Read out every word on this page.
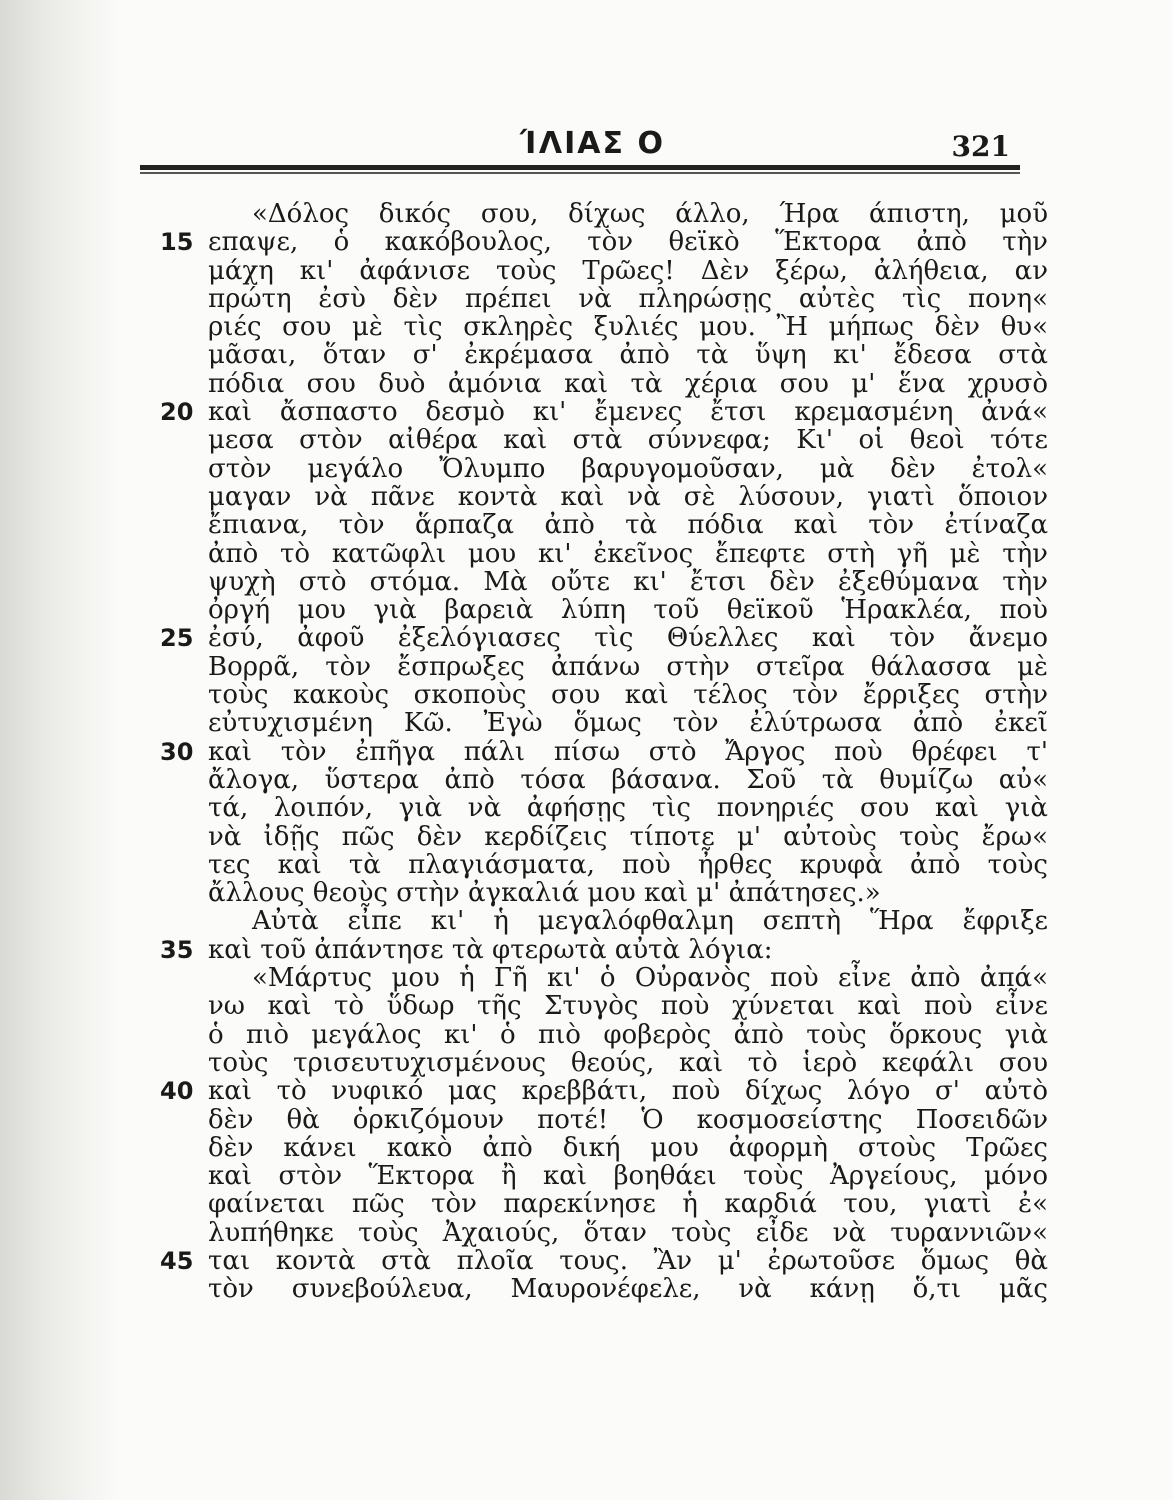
ΊΛΙΑΣ Ο	321
«Δόλος δικός σου, δίχως άλλο, Ήρα άπιστη, μοῦ
15 επαψε, ὁ κακόβουλος, τὸν θεϊκὸ Ἕκτορα ἀπὸ τὴν
μάχη κι' ἀφάνισε τοὺς Τρῶες! Δὲν ξέρω, ἀλήθεια, αν
πρώτη ἐσὺ δὲν πρέπει νὰ πληρώσῃς αὐτὲς τὶς πονη«
ριές σου μὲ τὶς σκληρὲς ξυλιές μου. Ἢ μήπως δὲν θυ«
μᾶσαι, ὅταν σ' ἐκρέμασα ἀπὸ τὰ ὕψη κι' ἔδεσα στὰ
πόδια σου δυὸ ἀμόνια καὶ τὰ χέρια σου μ' ἕνα χρυσὸ
20 καὶ ἄσπαστο δεσμὸ κι' ἔμενες ἔτσι κρεμασμένη ἀνά«
μεσα στὸν αἰθέρα καὶ στὰ σύννεφα; Κι' οἱ θεοὶ τότε
στὸν μεγάλο Ὄλυμπο βαρυγομοῦσαν, μὰ δὲν ἐτολ«
μαγαν νὰ πᾶνε κοντὰ καὶ νὰ σὲ λύσουν, γιατὶ ὅποιον
ἔπιανα, τὸν ἅρπαζα ἀπὸ τὰ πόδια καὶ τὸν ἐτίναζα
ἀπὸ τὸ κατῶφλι μου κι' ἐκεῖνος ἔπεφτε στὴ γῆ μὲ τὴν
ψυχὴ στὸ στόμα. Μὰ οὔτε κι' ἔτσι δὲν ἐξεθύμανα τὴν
ὀργή μου γιὰ βαρειὰ λύπη τοῦ θεϊκοῦ Ἡρακλέα, ποὺ
25 ἐσύ, ἀφοῦ ἐξελόγιασες τὶς Θύελλες καὶ τὸν ἄνεμο
Βορρᾶ, τὸν ἔσπρωξες ἀπάνω στὴν στεῖρα θάλασσα μὲ
τοὺς κακοὺς σκοποὺς σου καὶ τέλος τὸν ἔρριξες στὴν
εὐτυχισμένη Κῶ. Ἐγὼ ὅμως τὸν ἐλύτρωσα ἀπὸ ἐκεῖ
30 καὶ τὸν ἐπῆγα πάλι πίσω στὸ Ἄργος ποὺ θρέφει τ'
ἄλογα, ὕστερα ἀπὸ τόσα βάσανα. Σοῦ τὰ θυμίζω αὐ«
τά, λοιπόν, γιὰ νὰ ἀφήσῃς τὶς πονηριές σου καὶ γιὰ
νὰ ἰδῇς πῶς δὲν κερδίζεις τίποτε μ' αὐτοὺς τοὺς ἔρω«
τες καὶ τὰ πλαγιάσματα, ποὺ ἦρθες κρυφὰ ἀπὸ τοὺς
ἄλλους θεοὺς στὴν ἀγκαλιά μου καὶ μ' ἀπάτησες.»
Αὐτὰ εἶπε κι' ἡ μεγαλόφθαλμη σεπτὴ Ἥρα ἔφριξε
35 καὶ τοῦ ἀπάντησε τὰ φτερωτὰ αὐτὰ λόγια:
«Μάρτυς μου ἡ Γῆ κι' ὁ Οὐρανὸς ποὺ εἶνε ἀπὸ ἀπά«
νω καὶ τὸ ὕδωρ τῆς Στυγὸς ποὺ χύνεται καὶ ποὺ εἶνε
ὁ πιὸ μεγάλος κι' ὁ πιὸ φοβερὸς ἀπὸ τοὺς ὅρκους γιὰ
τοὺς τρισευτυχισμένους θεούς, καὶ τὸ ἱερὸ κεφάλι σου
40 καὶ τὸ νυφικό μας κρεββάτι, ποὺ δίχως λόγο σ' αὐτὸ
δὲν θὰ ὁρκιζόμουν ποτέ! Ὁ κοσμοσείστης Ποσειδῶν
δὲν κάνει κακὸ ἀπὸ δική μου ἀφορμὴ στοὺς Τρῶες
καὶ στὸν Ἕκτορα ἢ καὶ βοηθάει τοὺς Ἀργείους, μόνο
φαίνεται πῶς τὸν παρεκίνησε ἡ καρδιά του, γιατὶ ἐ«
λυπήθηκε τοὺς Ἀχαιούς, ὅταν τοὺς εἶδε νὰ τυραννιῶν«
45 ται κοντὰ στὰ πλοῖα τους. Ἂν μ' ἐρωτοῦσε ὅμως θὰ
τὸν συνεβούλευα, Μαυρονέφελε, νὰ κάνῃ ὅ,τι μᾶς
